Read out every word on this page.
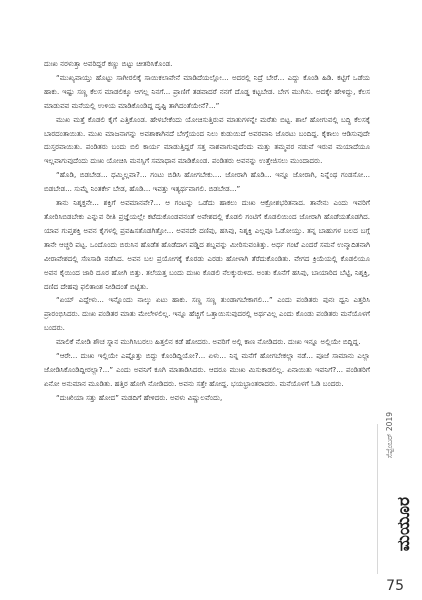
ದುಃಖ ನರಳುತ್ತಾ ಅವರಿದ್ದರೆ ಕಣ್ಣು ಬಿಟ್ಟು ಚೀತರಿಸಿಕೊಂಡ.

“ಮುಖ್ಯವಾಯ್ತು ಹೊಟ್ಟು ಸಾಗೀರಲಿಕ್ಕೆ ಸಾಯಿಕಲಾವೇನೆ ಮಾಡಿದೆಯಲ್ಲೋ... ಅದರಲ್ಲಿ ನಿದ್ರೆ ಬೇರೆ... ಎದ್ದು ಕೊಂಡಿ ಹಿಡಿ. ಕಟ್ಟಿಗೆ ಒಡೆಯ ಹಾಕು. ಇಷ್ಟು ಸಣ್ಣ ಕೆಲಸ ಮಾಡಲಿಕ್ಕೂ ಆಗಲ್ಲ ನಿನಗೆ... ಪ್ರಾಣಿಗೆ ತಡವಾದರೆ ನನಗೆ ದೊಡ್ಡ ಕಟ್ಟಬೇಡ. ಬೇಗ ಮುಗಿಸು. ಅದಕ್ಕೇ ಹೇಳಿದ್ದು, ಕೆಲಸ ಮಾಡುವವ ಮನೆಯಲ್ಲಿ ಉಳಿಯ ಮಾಡಿಕೊಂಡಿದ್ದ ದೃಷ್ಟಿ ತಾಗಿದಂತೆಯೇನೆ?...”

ಮುಖ ಮತ್ತೆ ಕೊಡಲಿ ಕೈಗೆ ಎತ್ತಿಕೊಂಡ. ಹೇಳಬೇಕೆಂದು ಯೋಚಿಸುತ್ತಿರುವ ಮಾತುಗಳನ್ನೇ ಮರೆತು ಬಿಟ್ಟ. ಶಾಲೆ ಹೋಗುವಲ್ಲಿ ಬದ್ಧಿ ಕೆಲಸಕ್ಕೆ ಬಾರದಂತಾಯಿತು. ಮುಖ ಮಾಜನಾಗನ್ನು ಅವಶಾಕಾಗಿನದೆ ಬೇಗ್ಗೆಯಂದ ನಿಲು ಕುಡುಯಿದೆ ಅವರವಾನಿ ಜೊರಟು ಬಂದಿದ್ದ. ಕೈಕಾಲು ಆಡಿಸುವುದೇ ದುಸ್ತರವಾಯಿತು. ಪಂಡಿತರು ಬಂದು ಬಿಲಿ ಕಾರ್ಯ ಮಾಡುತ್ತಿದ್ದರೆ ಸತ್ತ ನಾಶವಾಗುವುದೆಂದು ಮತ್ತು ತಮ್ಮವರ ನಡುವೆ ಇರುವ ಮಯಾದೆಯೂ ಇಲ್ಲವಾಗುವುದೆಂದು ದುಃಖ ಯೋಚಿಸಿ ಮನಸ್ಸಿಗೆ ಸಮಾಧಾನ ಮಾಡಿಕೊಂಡ. ಪಂಡಿತರು ಅವನನ್ನು ಉತ್ತೇಜಿಸಲು ಮುಂದಾದರು.

“ಹೊಡಿ, ಬಿಡಬೇಡ... ಧಮ್ಮಿಲ್ಲವಾ?... ಗಂಟು ಬಿಡಿಸಿ ಹೋಗಬೇಕು.... ಜೋರಾಗಿ ಹೊಡಿ... ಇನ್ನೂ ಜೋರಾಗಿ, ನಿನ್ನೆಂಥ ಗಂಡಸೋ... ಬಿಡಬೇಡ... ಸುಮ್ನೆ ನಿಂತರ್ಕೇ ಬೇಡ, ಹೊಡಿ... ಇವತ್ತು ಇತ್ಯರ್ಥವಾಗಲಿ. ಬಿಡಬೇಡ...”

ತಾನು ನಿಶ್ಶಕ್ತನೇ... ಶಕ್ತಿಗೆ ಅವಮಾನವೇ?... ಆ ಗಂಟನ್ನು ಒಡೆದು ಹಾಕಲು ದುಃಖ ಆಕ್ರೋಶಭರಿತನಾದ. ತಾನೇನು ಎಂದು ಇವರಿಗೆ ತೋರಿಸಿಬಿಡಬೇಕು ಎನ್ನುವ ರೀತಿ ಪ್ರಜ್ಞೆಯಲ್ಲೇ ಕಟೆದುಕೊಂಡವನಂತೆ ಅವೇಶದಲ್ಲಿ ಕೊಡಲಿ ಗಂಟಿಗೆ ಕೊಡಲಿಯಿಂದ ಜೋರಾಗಿ ಹೊಡೆಯತೊಡಗಿದ. ಯಾವ ಗುಪ್ತಶಕ್ತಿ ಅವನ ಕೈಗಳಲ್ಲಿ ಪ್ರವಹಿಸತೊಡಗಿತ್ತೋ... ಅವನದೇ ದಣಿವು, ಹಸಿವು, ನಿಶ್ಶಕ್ತಿ ಎಲ್ಲವೂ ಓಡೋಯ್ತು. ತನ್ನ ಬಾಹುಗಳ ಬಲದ ಬಗ್ಗೆ ತಾನೇ ಆಚ್ಚರಿ ಪಟ್ಟ. ಒಂದೊಂದು ಬಿರುಸಿನ ಹೊಡೆತ ಹೊಡೆದಾಗ ಪಡ್ಡಿದ ಶಬ್ದವನ್ನು ಮೀರಿಸುವಂತಿತ್ತು. ಅರ್ಧ ಗಂಟೆ ಎಂದರೆ ಸಮನೆ ಉನ್ಮಾದಿತನಾಗಿ ವೀರಾವೇಶದಲ್ಲಿ ಸೆಣಸಾಡಿ ನಡೆಸಿದ. ಅವನ ಬಲ ಪ್ರಯೋಗಕ್ಕೆ ಕೊರಡು ಎರಡು ಹೋಳಾಗಿ ತೆರೆದುಕೊಂಡಿತು. ವೇಗದ ಕ್ರಿಯೆಯಲ್ಲಿ ಕೊಡಲಿಯೂ ಅವನ ಕೈಯಿಂದ ಜಾರಿ ದೂರ ಹೋಗಿ ಬಿತ್ತು. ತಲೆಯತ್ತ ಬಂದು ದುಃಖ ಕೊಡಲಿ ನೆಲಕ್ಕುರುಳಿದ. ಅಂತು ಕೊನೆಗೆ ಹಸಿವು, ಬಾಯಾರಿದ ಬೆಟ್ಟಿ, ನಿಶ್ಶಕ್ತಿ, ದಣಿದ ದೇಹವು ಫಲಿತಾಂಶ ನೀಡಿದಂತೆ ಬಿಟ್ಟಿತು.

“ಏಯ್ ಎದ್ದೇಳು... ಇನ್ನೊಂದು ನಾಲ್ಕು ಏಟು ಹಾಕು. ಸಣ್ಣ ಸಣ್ಣ ತುಂಡಾಗಬೇಕಾಗಲಿ...” ಎಂದು ಪಂಡಿತರು ಪುನಃ ಧ್ವನಿ ಎತ್ತರಿಸಿ ಪ್ರಾರಂಭಿಸಿದರು. ದುಃಖ ಪಂಡಿತರ ಮಾತು ಮೇಲೇಳಲಿಲ್ಲ. ಇನ್ನೂ ಹೆಚ್ಚಿಗೆ ಒತ್ತಾಯಿಸುವುದರಲ್ಲಿ ಅರ್ಥವಿಲ್ಲ ಎಂದು ಕೊಂಡು ಪಂಡಿತರು ಮನೆಯೊಳಗೆ ಬಂದರು.

ಮಾಲಿಕೆ ನೋಡಿ ಶೌಚ ಸ್ನಾನ ಮುಗಿಸಿಬರಲು ಹಿತ್ತಲಿನ ಕಡೆ ಹೋದರು. ಅವರಿಗೆ ಅಲ್ಲಿ ಕಾಣ ನೋಡಿದರು. ದುಃಖ ಇನ್ನೂ ಅಲ್ಲಿಯೇ ಬಿದ್ದಿದ್ದ.

“ಆರೇ... ದುಃಖ ಇಲ್ಲಿಯೇ ಎಷ್ಟೊತ್ತು ಬಿದ್ದು ಕೊಂಡಿದ್ದಿಯೋ?... ಏಳು... ನಿನ್ನ ಮನೆಗೆ ಹೋಗಬೇಕಲ್ಲಾ ನಡೆ... ಪೂಜೆ ಸಾಮಾನು ಎಲ್ಲಾ ಜೋಡಿಸಿಕೊಂಡಿದ್ದೀರಲ್ಲಾ?...” ಎಂದು ಅವನಿಗೆ ಕೂಗಿ ಮಾತಾಡಿಸಿದರು. ಆದರೂ ಮುಃಖ ಮಿಸುಕಾಡಲಿಲ್ಲ. ಏನಾಯಿತು ಇವನಿಗೆ?... ಪಂಡಿತರಿಗೆ ಏನೋ ಅನುಮಾನ ಮೂಡಿತು. ಹತ್ತಿರ ಹೋಗಿ ನೋಡಿದರು. ಅವನು ಸತ್ತೇ ಹೋದ್ದ. ಭಯಭ್ರಾಂತರಾದರು. ಮನೆಯೊಳಗೆ ಓಡಿ ಬಂದರು.

“ದುಃಖಿಯಾ ಸತ್ತು ಹೋದ” ಮಡದಿಗೆ ಹೇಳಿದರು. ಅವಳು ವಿಷ್ಣುಲವೆಂದು,

ಸೆಪ್ಟೆಂಬರ್ 2019
ಮಯೂರ
75
